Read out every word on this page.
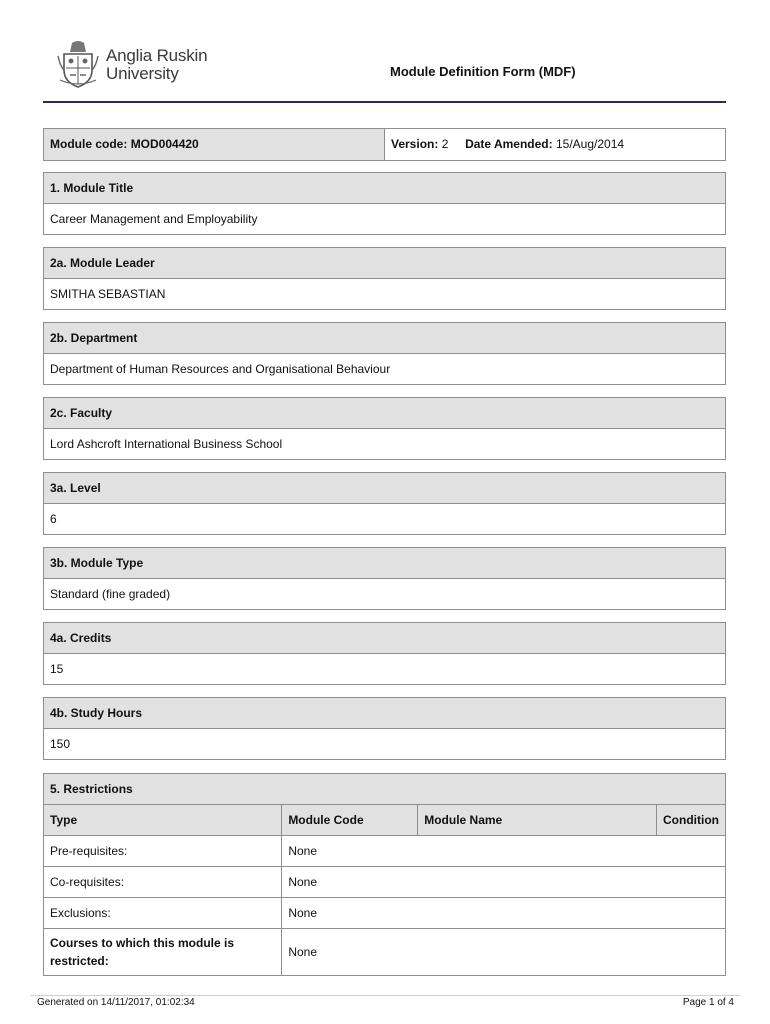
Anglia Ruskin
University	Module Definition Form (MDF)
Module code: MOD004420	Version: 2 Date Amended: 15/Aug/2014
1. Module Title
Career Management and Employability
2a. Module Leader
SMITHA SEBASTIAN
2b. Department
Department of Human Resources and Organisational Behaviour
2c. Faculty
Lord Ashcroft International Business School
3a. Level
6
3b. Module Type
Standard (fine graded)
4a. Credits
15
4b. Study Hours
150
5. Restrictions
Type	Module Code	Module Name	Condition
Pre-requisites:	None		
Co-requisites:	None		
Exclusions:	None		
Courses to which this module is restricted:	None		
Generated on 14/11/2017, 01:02:34	Page 1 of 4
